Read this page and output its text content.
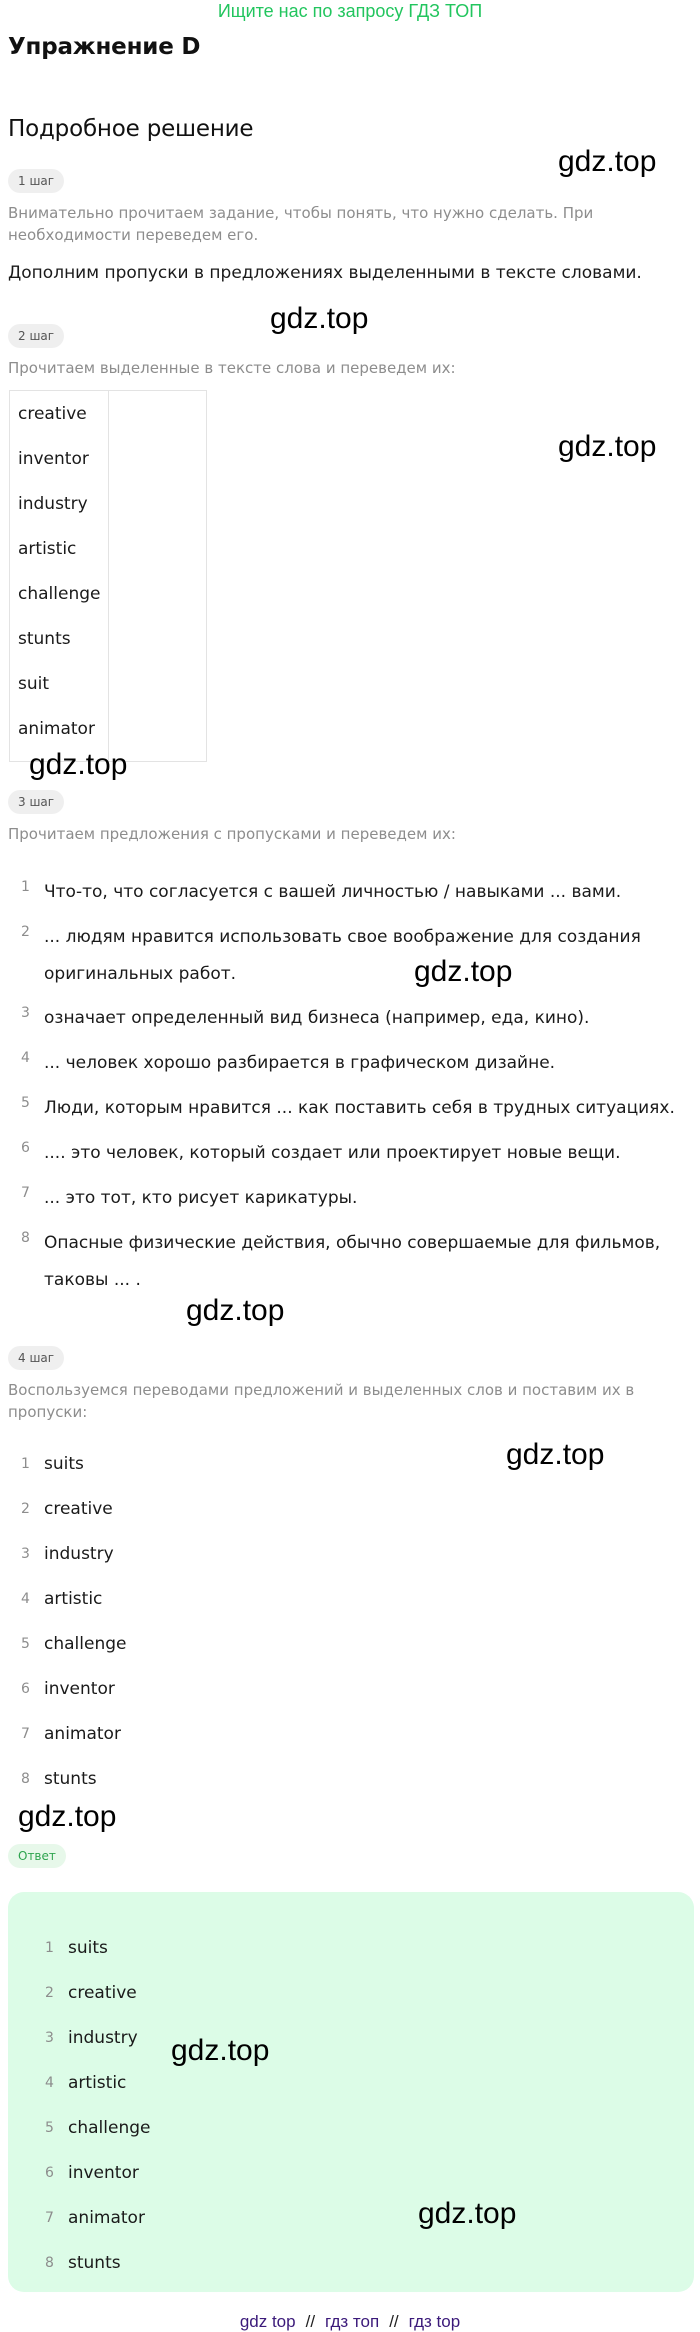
Ищите нас по запросу ГДЗ ТОП
Упражнение D
Подробное решение
1 шаг
Внимательно прочитаем задание, чтобы понять, что нужно сделать. При необходимости переведем его.
Дополним пропуски в предложениях выделенными в тексте словами.
2 шаг
Прочитаем выделенные в тексте слова и переведем их:
creative
inventor
industry
artistic
challenge
stunts
suit
animator
3 шаг
Прочитаем предложения с пропусками и переведем их:
1 Что-то, что согласуется с вашей личностью / навыками ... вами.
2 ... людям нравится использовать свое воображение для создания оригинальных работ.
3 означает определенный вид бизнеса (например, еда, кино).
4 ... человек хорошо разбирается в графическом дизайне.
5 Люди, которым нравится ... как поставить себя в трудных ситуациях.
6 .... это человек, который создает или проектирует новые вещи.
7 ... это тот, кто рисует карикатуры.
8 Опасные физические действия, обычно совершаемые для фильмов, таковы ... .
4 шаг
Воспользуемся переводами предложений и выделенных слов и поставим их в пропуски:
1 suits
2 creative
3 industry
4 artistic
5 challenge
6 inventor
7 animator
8 stunts
Ответ
1 suits
2 creative
3 industry
4 artistic
5 challenge
6 inventor
7 animator
8 stunts
gdz.top
gdz.top
gdz.top
gdz.top
gdz.top
gdz.top
gdz.top
gdz.top
gdz.top
gdz.top
gdz top // гдз топ // гдз top
